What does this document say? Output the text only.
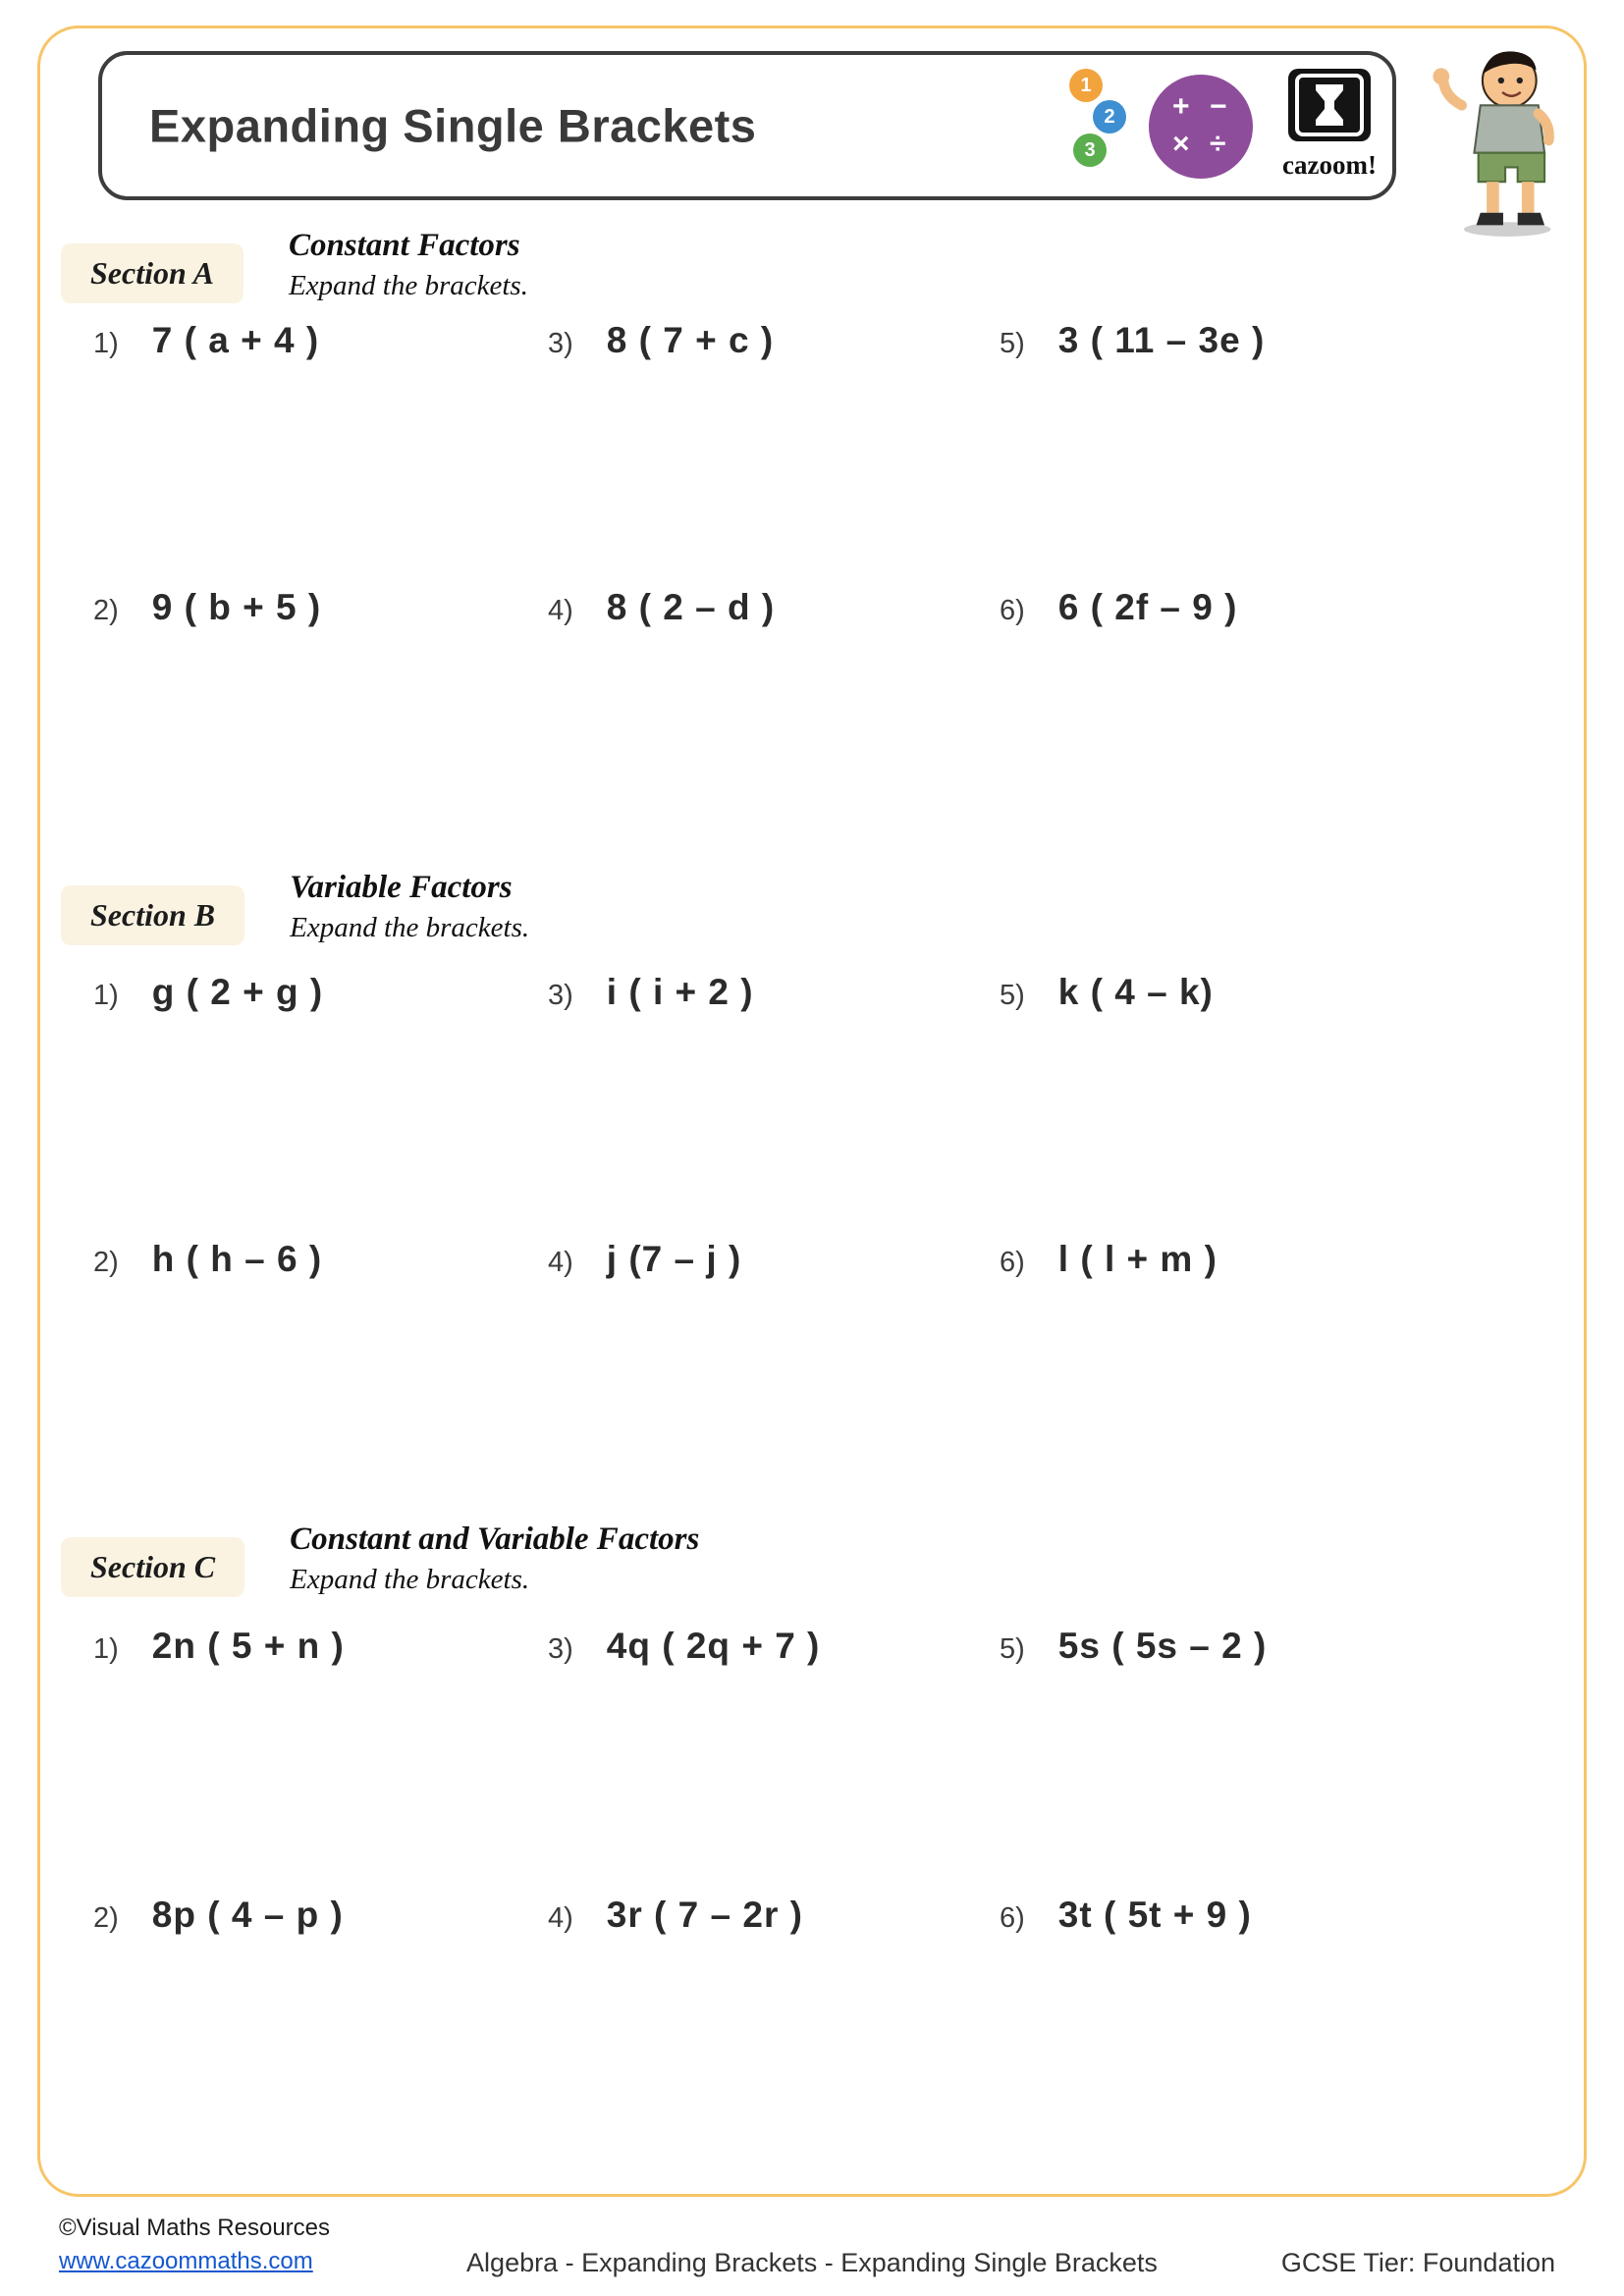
Expanding Single Brackets
1
2
3
+ −
× ÷
cazoom!
Section A
Constant Factors
Expand the brackets.
1) 7 ( a + 4 )	3) 8 ( 7 + c )	5) 3 ( 11 – 3e )
2) 9 ( b + 5 )	4) 8 ( 2 – d )	6) 6 ( 2f – 9 )
Section B
Variable Factors
Expand the brackets.
1) g ( 2 + g )	3) i ( i + 2 )	5) k ( 4 – k)
2) h ( h – 6 )	4) j (7 – j )	6) l ( l + m )
Section C
Constant and Variable Factors
Expand the brackets.
1) 2n ( 5 + n )	3) 4q ( 2q + 7 )	5) 5s ( 5s – 2 )
2) 8p ( 4 – p )	4) 3r ( 7 – 2r )	6) 3t ( 5t + 9 )
©Visual Maths Resources
www.cazoommaths.com	Algebra - Expanding Brackets - Expanding Single Brackets	GCSE Tier: Foundation
